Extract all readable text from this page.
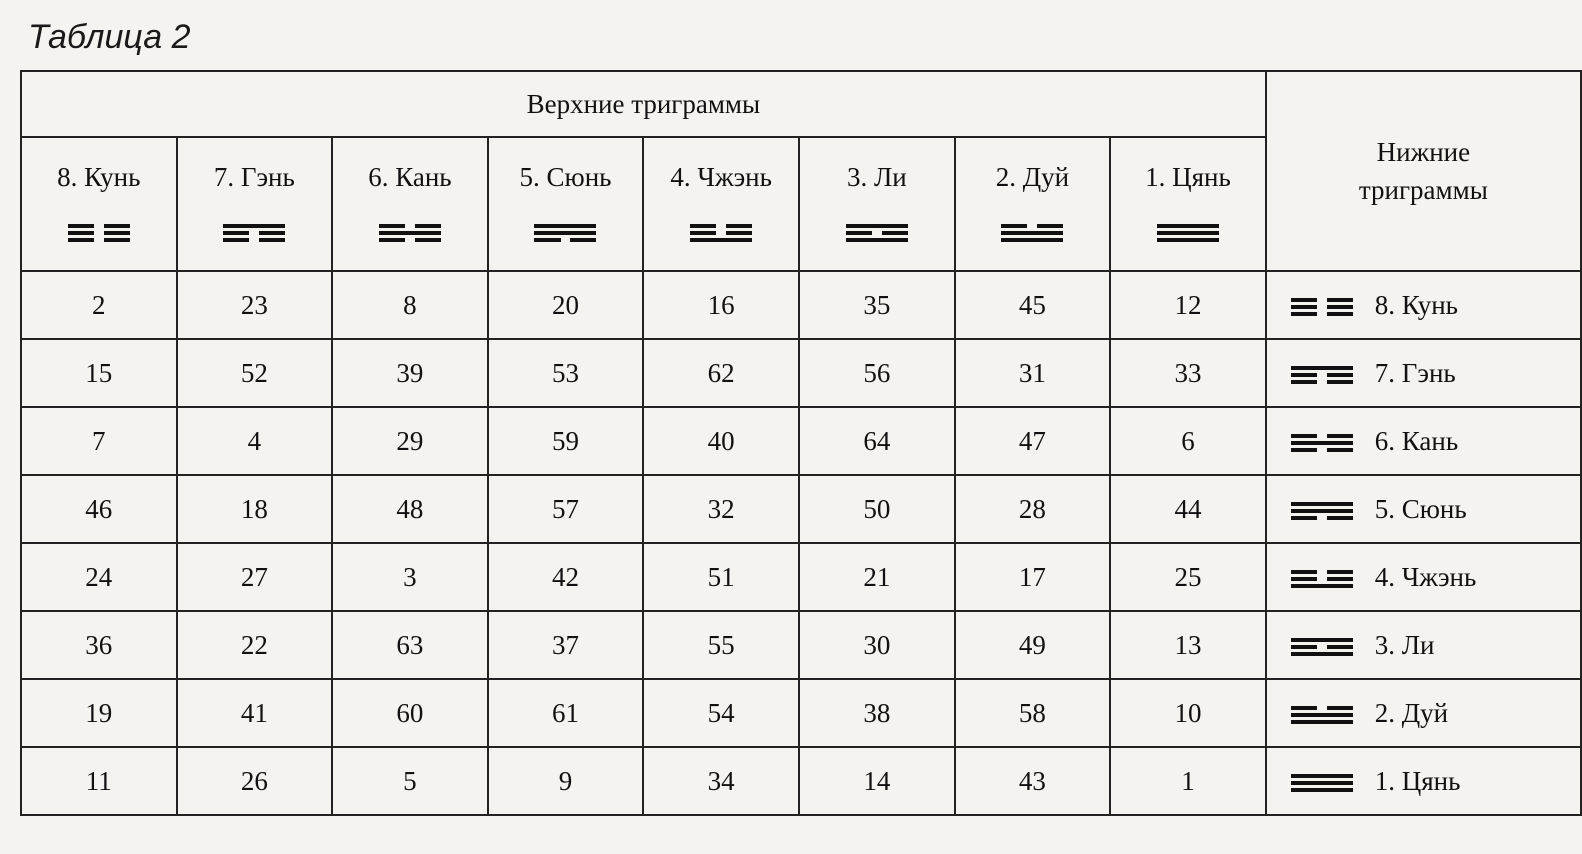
Таблица 2
Верхние триграммы								Нижние
триграммы

8. Кунь	7. Гэнь	6. Кань	5. Сюнь	4. Чжэнь	3. Ли	2. Дуй	1. Цянь	

2	23	8	20	16	35	45	12	8. Кунь
15	52	39	53	62	56	31	33	7. Гэнь
7	4	29	59	40	64	47	6	6. Кань
46	18	48	57	32	50	28	44	5. Сюнь
24	27	3	42	51	21	17	25	4. Чжэнь
36	22	63	37	55	30	49	13	3. Ли
19	41	60	61	54	38	58	10	2. Дуй
11	26	5	9	34	14	43	1	1. Цянь
